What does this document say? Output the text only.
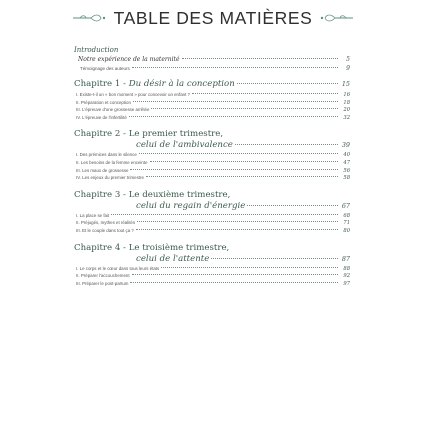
TABLE DES MATIÈRES
Introduction
Notre expérience de la maternité	5
Témoignage des auteurs	9
Chapitre 1 - Du désir à la conception	15
I. Existe-t-il un « bon moment » pour concevoir un enfant ?	16
II. Préparation et conception	18
III. L'épreuve d'une grossesse arrêtée	20
IV. L'épreuve de l'infertilité	32
Chapitre 2 - Le premier trimestre,
celui de l'ambivalence	39
I. Des prémices dans le silence	40
II. Les besoins de la femme enceinte	47
III. Les maux de grossesse	56
IV. Les enjeux du premier trimestre	58
Chapitre 3 - Le deuxième trimestre,
celui du regain d'énergie	67
I. La place se fait	68
II. Préjugés, mythes et réalités	71
III. Et le couple dans tout ça ?	80
Chapitre 4 - Le troisième trimestre,
celui de l'attente	87
I. Le corps et le cœur dans tous leurs états	88
II. Préparer l'accouchement	92
III. Préparer le post-partum	97
